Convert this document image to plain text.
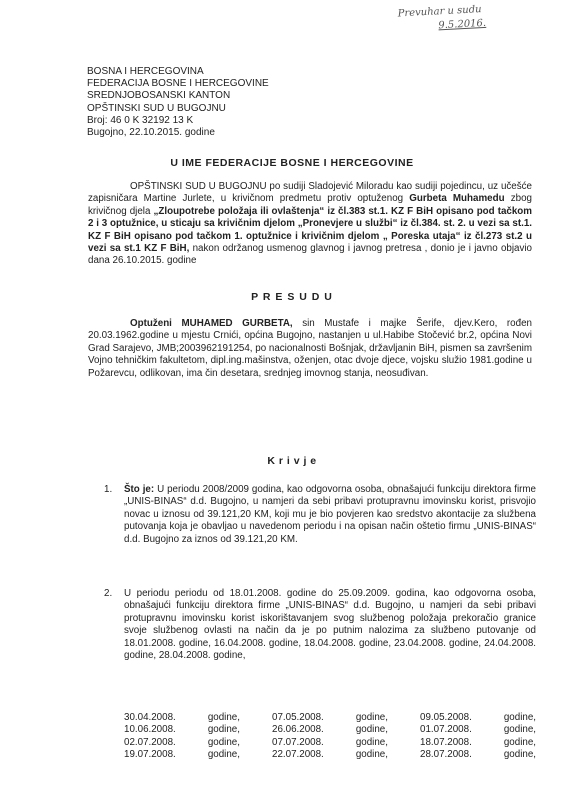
Prevuhar u sudu
9.5.2016.
BOSNA I HERCEGOVINA
FEDERACIJA BOSNE I HERCEGOVINE
SREDNJOBOSANSKI KANTON
OPŠTINSKI SUD U BUGOJNU
Broj: 46 0 K 32192 13 K
Bugojno, 22.10.2015. godine
U IME FEDERACIJE BOSNE I HERCEGOVINE
OPŠTINSKI SUD U BUGOJNU po sudiji Sladojević Miloradu kao sudiji pojedincu, uz učešće zapisničara Martine Jurlete, u krivičnom predmetu protiv optuženog Gurbeta Muhamedu zbog krivičnog djela „Zloupotrebe položaja ili ovlaštenja“ iz čl.383 st.1. KZ F BiH opisano pod tačkom 2 i 3 optužnice, u sticaju sa krivičnim djelom „Pronevjere u službi“ iz čl.384. st. 2. u vezi sa st.1. KZ F BiH opisano pod tačkom 1. optužnice i krivičnim djelom „ Poreska utaja“ iz čl.273 st.2 u vezi sa st.1 KZ F BiH, nakon održanog usmenog glavnog i javnog pretresa , donio je i javno objavio dana 26.10.2015. godine
P R E S U D U
Optuženi MUHAMED GURBETA, sin Mustafe i majke Šerife, djev.Kero, rođen 20.03.1962.godine u mjestu Crnići, općina Bugojno, nastanjen u ul.Habibe Stočević br.2, općina Novi Grad Sarajevo, JMB;2003962191254, po nacionalnosti Bošnjak, državljanin BiH, pismen sa završenim Vojno tehničkim fakultetom, dipl.ing.mašinstva, oženjen, otac dvoje djece, vojsku služio 1981.godine u Požarevcu, odlikovan, ima čin desetara, srednjeg imovnog stanja, neosuđivan.
K r i v j e
1. Što je: U periodu 2008/2009 godina, kao odgovorna osoba, obnašajući funkciju direktora firme „UNIS-BINAS“ d.d. Bugojno, u namjeri da sebi pribavi protupravnu imovinsku korist, prisvojio novac u iznosu od 39.121,20 KM, koji mu je bio povjeren kao sredstvo akontacije za službena putovanja koja je obavljao u navedenom periodu i na opisan način oštetio firmu „UNIS-BINAS“ d.d. Bugojno za iznos od 39.121,20 KM.
2. U periodu periodu od 18.01.2008. godine do 25.09.2009. godina, kao odgovorna osoba, obnašajući funkciju direktora firme „UNIS-BINAS“ d.d. Bugojno, u namjeri da sebi pribavi protupravnu imovinsku korist iskorištavanjem svog službenog položaja prekoračio granice svoje službenog ovlasti na način da je po putnim nalozima za službeno putovanje od 18.01.2008. godine, 16.04.2008. godine, 18.04.2008. godine, 23.04.2008. godine, 24.04.2008. godine, 28.04.2008. godine,
30.04.2008.	godine,	07.05.2008.	godine,	09.05.2008.	godine,
10.06.2008.	godine,	26.06.2008.	godine,	01.07.2008.	godine,
02.07.2008.	godine,	07.07.2008.	godine,	18.07.2008.	godine,
19.07.2008.	godine,	22.07.2008.	godine,	28.07.2008.	godine,
